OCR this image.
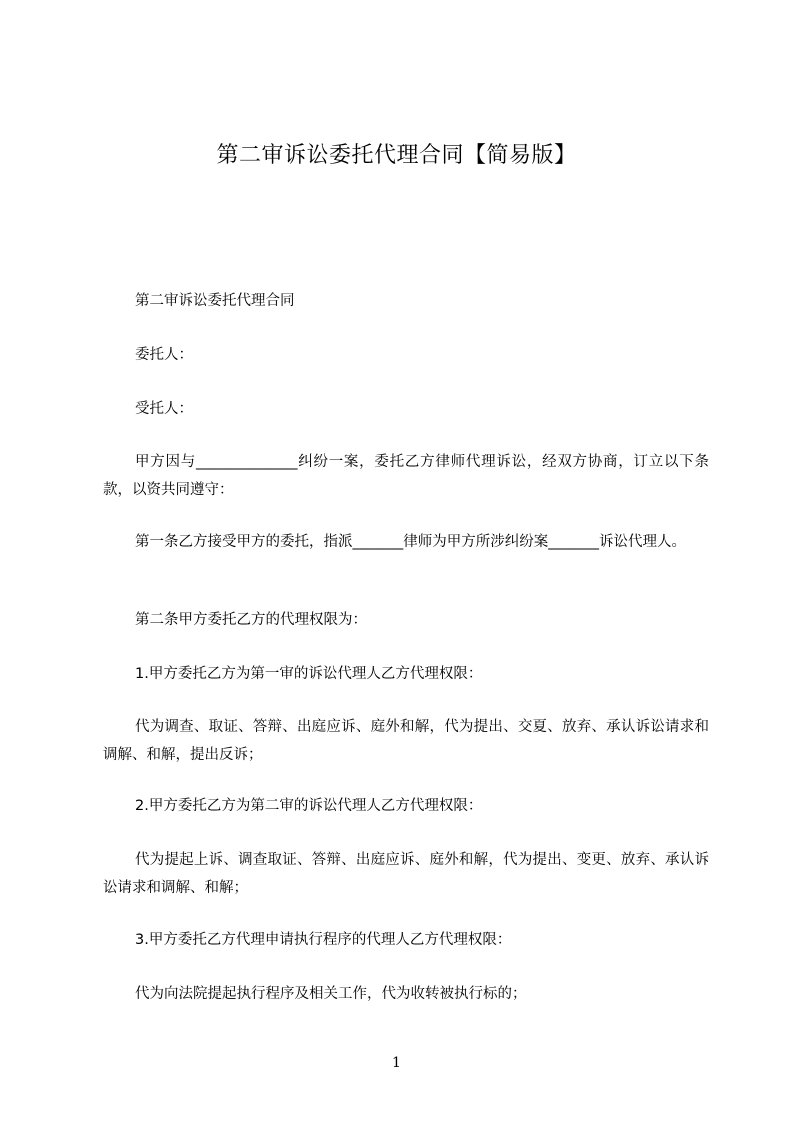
第二审诉讼委托代理合同【简易版】
第二审诉讼委托代理合同
委托人：
受托人：
甲方因与______________纠纷一案，委托乙方律师代理诉讼，经双方协商，订立以下条款，以资共同遵守：
第一条乙方接受甲方的委托，指派_______律师为甲方所涉纠纷案_______诉讼代理人。
第二条甲方委托乙方的代理权限为：
1.甲方委托乙方为第一审的诉讼代理人乙方代理权限：
代为调查、取证、答辩、出庭应诉、庭外和解，代为提出、交夏、放弃、承认诉讼请求和调解、和解，提出反诉；
2.甲方委托乙方为第二审的诉讼代理人乙方代理权限：
代为提起上诉、调查取证、答辩、出庭应诉、庭外和解，代为提出、变更、放弃、承认诉讼请求和调解、和解；
3.甲方委托乙方代理申请执行程序的代理人乙方代理权限：
代为向法院提起执行程序及相关工作，代为收转被执行标的；
1
